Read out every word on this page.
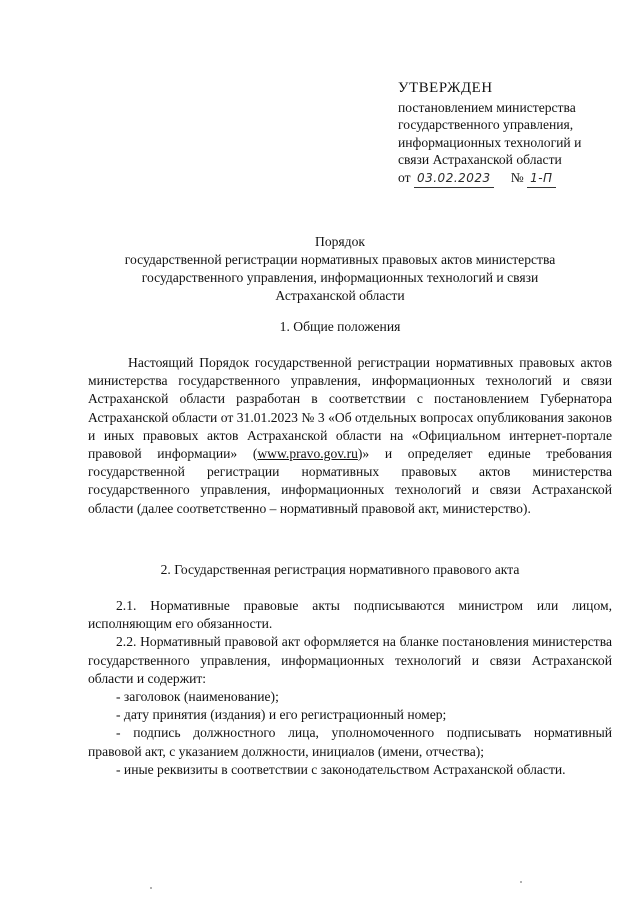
УТВЕРЖДЕН
постановлением министерства
государственного управления,
информационных технологий и
связи Астраханской области
от 03.02.2023 № 1-П
Порядок
государственной регистрации нормативных правовых актов министерства
государственного управления, информационных технологий и связи
Астраханской области
1. Общие положения

Настоящий Порядок государственной регистрации нормативных правовых актов министерства государственного управления, информационных технологий и связи Астраханской области разработан в соответствии с постановлением Губернатора Астраханской области от 31.01.2023 № 3 «Об отдельных вопросах опубликования законов и иных правовых актов Астраханской области на «Официальном интернет-портале правовой информации» (www.pravo.gov.ru)» и определяет единые требования государственной регистрации нормативных правовых актов министерства государственного управления, информационных технологий и связи Астраханской области (далее соответственно – нормативный правовой акт, министерство).

2. Государственная регистрация нормативного правового акта

2.1. Нормативные правовые акты подписываются министром или лицом, исполняющим его обязанности.

2.2. Нормативный правовой акт оформляется на бланке постановления министерства государственного управления, информационных технологий и связи Астраханской области и содержит:

- заголовок (наименование);

- дату принятия (издания) и его регистрационный номер;

- подпись должностного лица, уполномоченного подписывать нормативный правовой акт, с указанием должности, инициалов (имени, отчества);

- иные реквизиты в соответствии с законодательством Астраханской области.
